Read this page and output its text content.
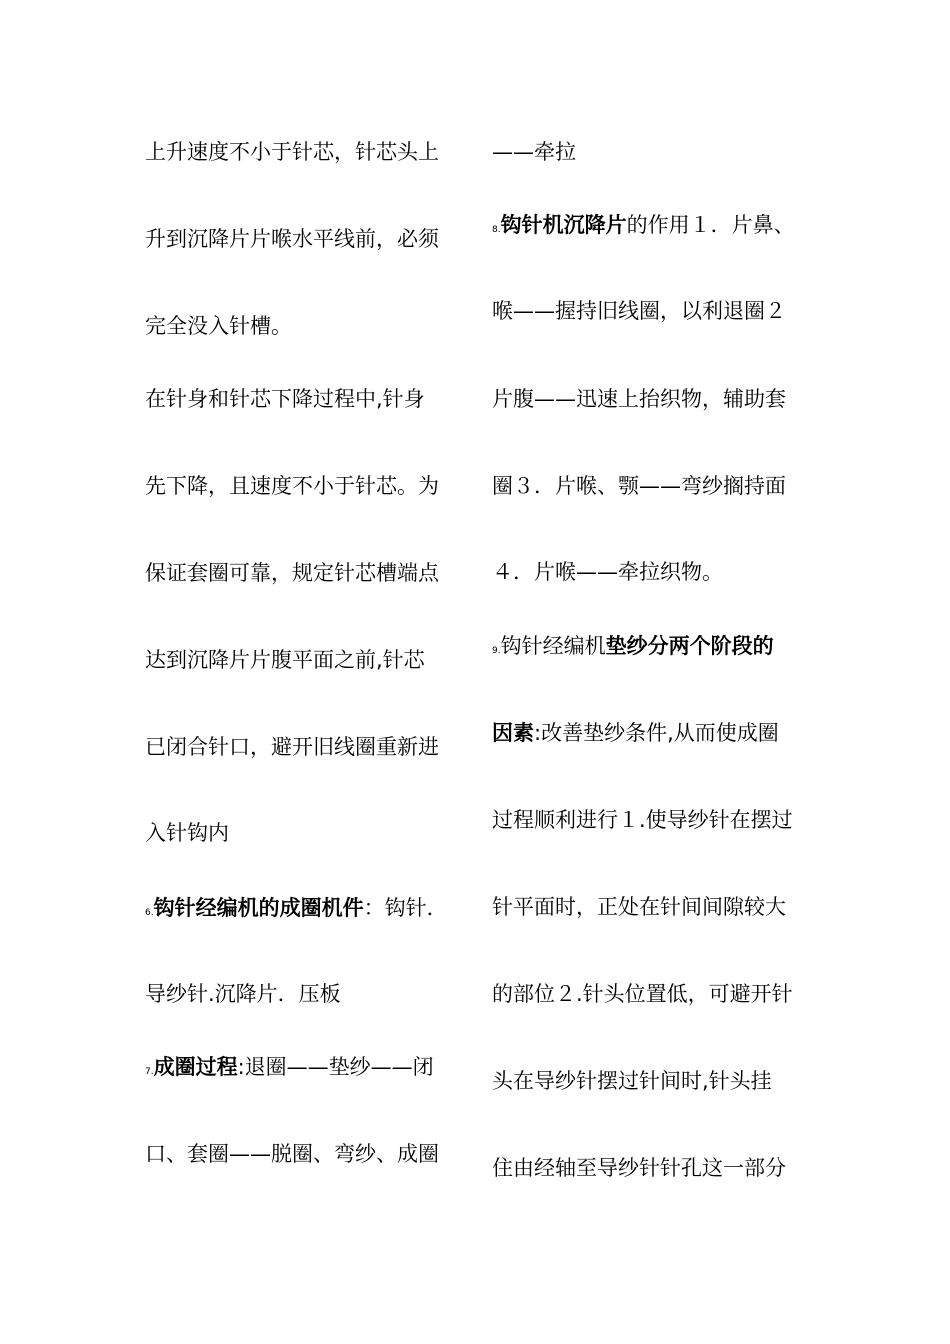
上升速度不小于针芯，针芯头上
升到沉降片片喉水平线前，必须
完全没入针槽。
在针身和针芯下降过程中,针身
先下降，且速度不小于针芯。为
保证套圈可靠，规定针芯槽端点
达到沉降片片腹平面之前,针芯
已闭合针口，避开旧线圈重新进
入针钩内
6.钩针经编机的成圈机件：钩针．
导纱针.沉降片．压板
7.成圈过程:退圈——垫纱——闭
口、套圈——脱圈、弯纱、成圈
——牵拉
8.钩针机沉降片的作用１．片鼻、
喉——握持旧线圈，以利退圈２
片腹——迅速上抬织物，辅助套
圈３．片喉、颚——弯纱搁持面
４．片喉——牵拉织物。
9.钩针经编机垫纱分两个阶段的
因素:改善垫纱条件,从而使成圈
过程顺利进行１.使导纱针在摆过
针平面时，正处在针间间隙较大
的部位２.针头位置低，可避开针
头在导纱针摆过针间时,针头挂
住由经轴至导纱针针孔这一部分
